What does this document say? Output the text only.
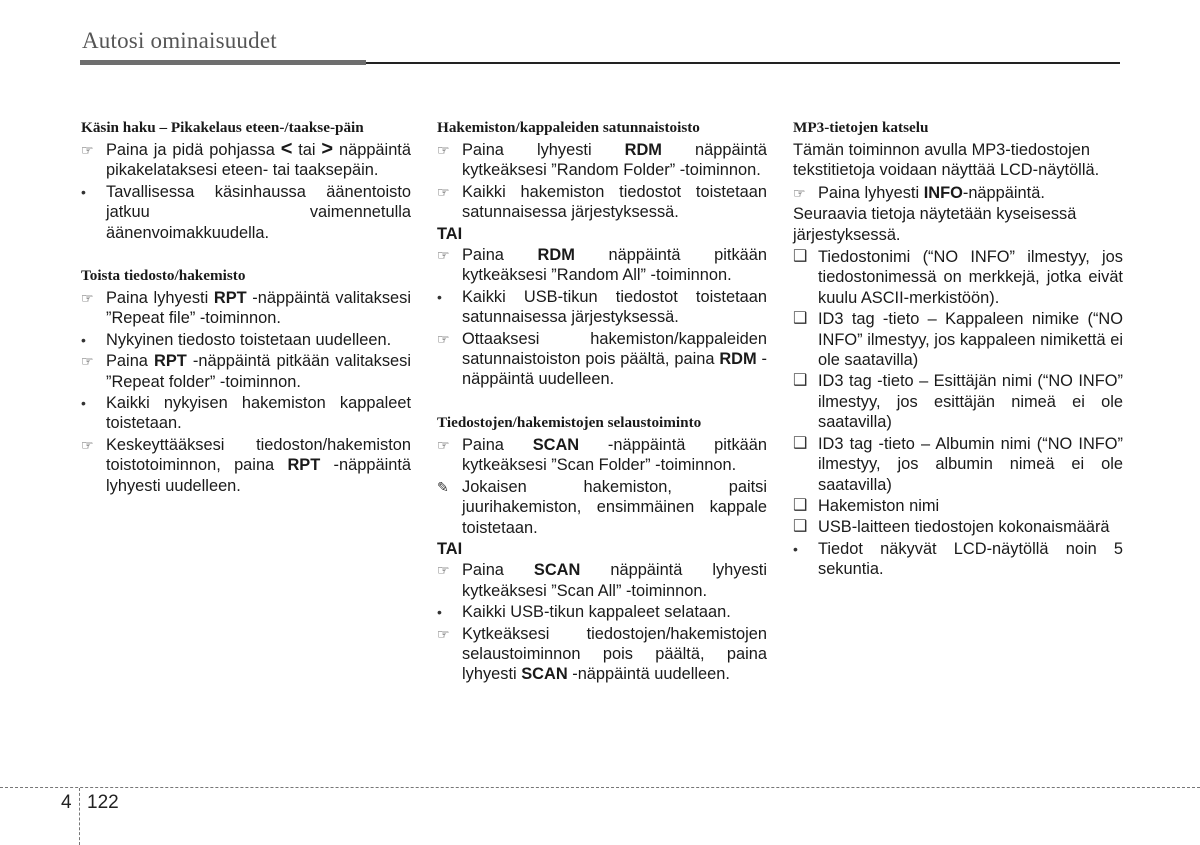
Autosi ominaisuudet
Käsin haku – Pikakelaus eteen-/taakse-päin
☞ Paina ja pidä pohjassa < tai > näppäintä pikakelataksesi eteen- tai taaksepäin.
•	Tavallisessa käsinhaussa äänentoisto jatkuu vaimennetulla äänenvoimakkuudella.
Toista tiedosto/hakemisto
☞ Paina lyhyesti RPT -näppäintä valitaksesi ”Repeat file” -toiminnon.
•	Nykyinen tiedosto toistetaan uudelleen.
☞ Paina RPT -näppäintä pitkään valitaksesi ”Repeat folder” -toiminnon.
•	Kaikki nykyisen hakemiston kappaleet toistetaan.
☞ Keskeyttääksesi tiedoston/hakemiston toistotoiminnon, paina RPT -näppäintä lyhyesti uudelleen.
Hakemiston/kappaleiden satunnaistoisto
☞ Paina lyhyesti RDM näppäintä kytkeäksesi ”Random Folder” -toiminnon.
☞ Kaikki hakemiston tiedostot toistetaan satunnaisessa järjestyksessä.
TAI
☞ Paina RDM näppäintä pitkään kytkeäksesi ”Random All” -toiminnon.
•	Kaikki USB-tikun tiedostot toistetaan satunnaisessa järjestyksessä.
☞ Ottaaksesi hakemiston/kappaleiden satunnaistoiston pois päältä, paina RDM -näppäintä uudelleen.
Tiedostojen/hakemistojen selaustoiminto
☞ Paina SCAN -näppäintä pitkään kytkeäksesi ”Scan Folder” -toiminnon.
✎ Jokaisen hakemiston, paitsi juurihakemiston, ensimmäinen kappale toistetaan.
TAI
☞ Paina SCAN näppäintä lyhyesti kytkeäksesi ”Scan All” -toiminnon.
•	Kaikki USB-tikun kappaleet selataan.
☞ Kytkeäksesi tiedostojen/hakemistojen selaustoiminnon pois päältä, paina lyhyesti SCAN -näppäintä uudelleen.
MP3-tietojen katselu
Tämän toiminnon avulla MP3-tiedostojen tekstitietoja voidaan näyttää LCD-näytöllä.
☞ Paina lyhyesti INFO-näppäintä.
Seuraavia tietoja näytetään kyseisessä järjestyksessä.
❑ Tiedostonimi (“NO INFO” ilmestyy, jos tiedostonimessä on merkkejä, jotka eivät kuulu ASCII-merkistöön).
❑ ID3 tag -tieto – Kappaleen nimike (“NO INFO” ilmestyy, jos kappaleen nimikettä ei ole saatavilla)
❑ ID3 tag -tieto – Esittäjän nimi (“NO INFO” ilmestyy, jos esittäjän nimeä ei ole saatavilla)
❑ ID3 tag -tieto – Albumin nimi (“NO INFO” ilmestyy, jos albumin nimeä ei ole saatavilla)
❑ Hakemiston nimi
❑ USB-laitteen tiedostojen kokonaismäärä
•	Tiedot näkyvät LCD-näytöllä noin 5 sekuntia.
4 122
